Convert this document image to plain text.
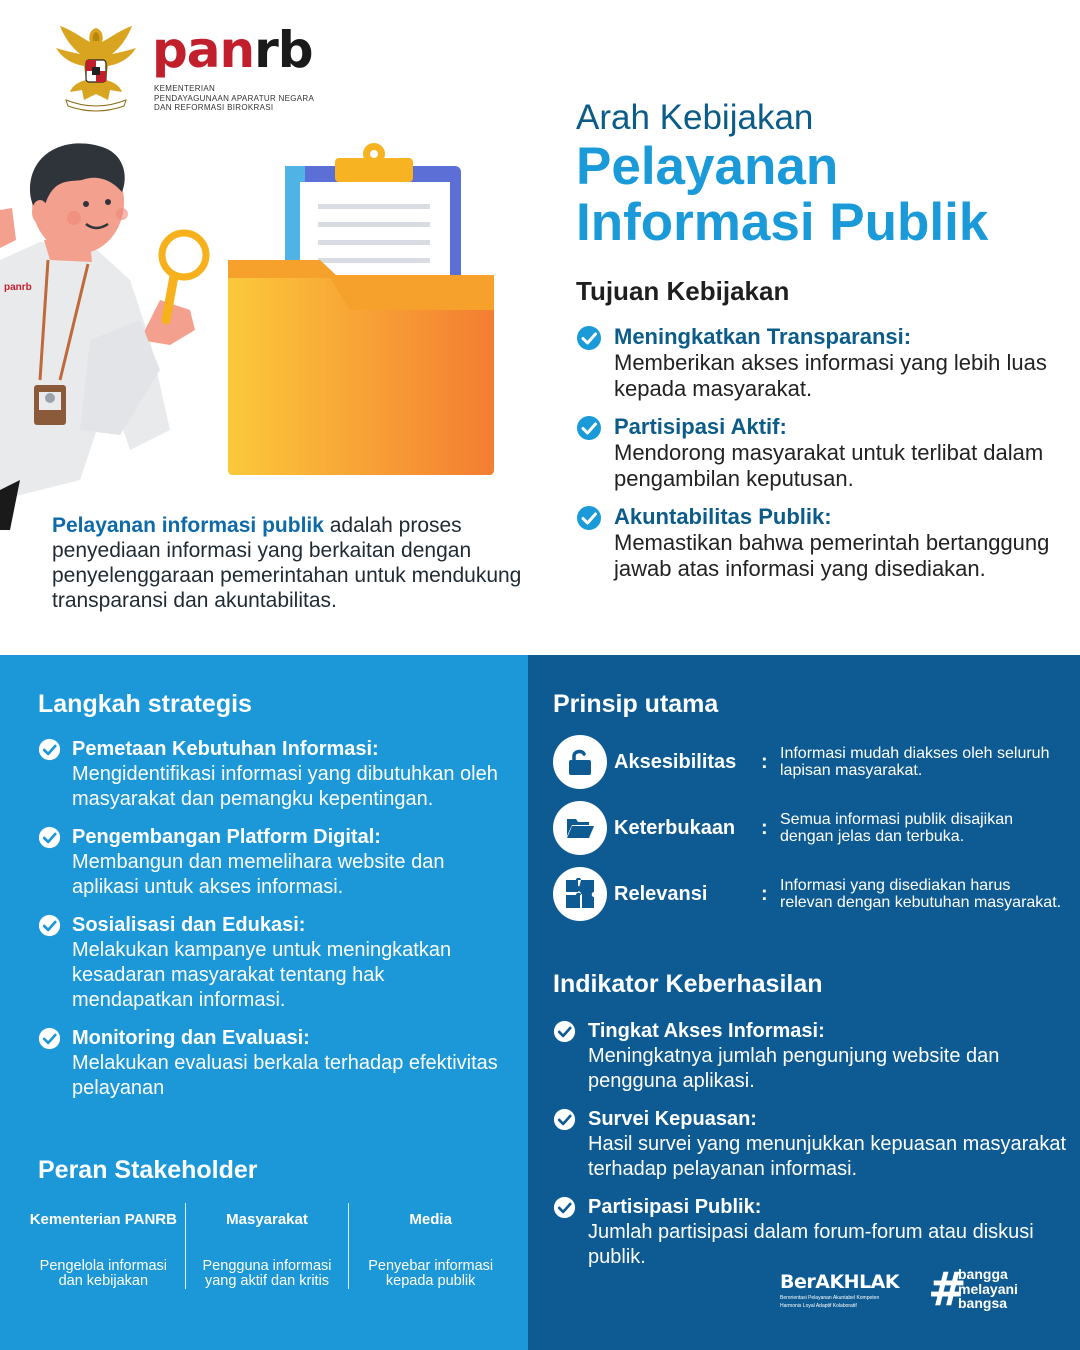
panrb
KEMENTERIAN
PENDAYAGUNAAN APARATUR NEGARA
DAN REFORMASI BIROKRASI
panrb

Pelayanan informasi publik adalah proses penyediaan informasi yang berkaitan dengan penyelenggaraan pemerintahan untuk mendukung transparansi dan akuntabilitas.

Arah Kebijakan
Pelayanan
Informasi Publik
Tujuan Kebijakan
Meningkatkan Transparansi:
Memberikan akses informasi yang lebih luas kepada masyarakat.
Partisipasi Aktif:
Mendorong masyarakat untuk terlibat dalam pengambilan keputusan.
Akuntabilitas Publik:
Memastikan bahwa pemerintah bertanggung jawab atas informasi yang disediakan.
Langkah strategis
Pemetaan Kebutuhan Informasi:
Mengidentifikasi informasi yang dibutuhkan oleh masyarakat dan pemangku kepentingan.
Pengembangan Platform Digital:
Membangun dan memelihara website dan aplikasi untuk akses informasi.
Sosialisasi dan Edukasi:
Melakukan kampanye untuk meningkatkan kesadaran masyarakat tentang hak mendapatkan informasi.
Monitoring dan Evaluasi:
Melakukan evaluasi berkala terhadap efektivitas pelayanan
Peran Stakeholder
Kementerian PANRB
Pengelola informasi dan kebijakan
Masyarakat
Pengguna informasi yang aktif dan kritis
Media
Penyebar informasi kepada publik
Prinsip utama
Aksesibilitas : Informasi mudah diakses oleh seluruh lapisan masyarakat.
Keterbukaan : Semua informasi publik disajikan dengan jelas dan terbuka.
Relevansi	: Informasi yang disediakan harus relevan dengan kebutuhan masyarakat.
Indikator Keberhasilan
Tingkat Akses Informasi:
Meningkatnya jumlah pengunjung website dan pengguna aplikasi.
Survei Kepuasan:
Hasil survei yang menunjukkan kepuasan masyarakat terhadap pelayanan informasi.
Partisipasi Publik:
Jumlah partisipasi dalam forum-forum atau diskusi publik.
BerAKHLAK
Berorientasi Pelayanan Akuntabel Kompeten
Harmonis Loyal Adaptif Kolaboratif	#
bangga
melayani
bangsa
